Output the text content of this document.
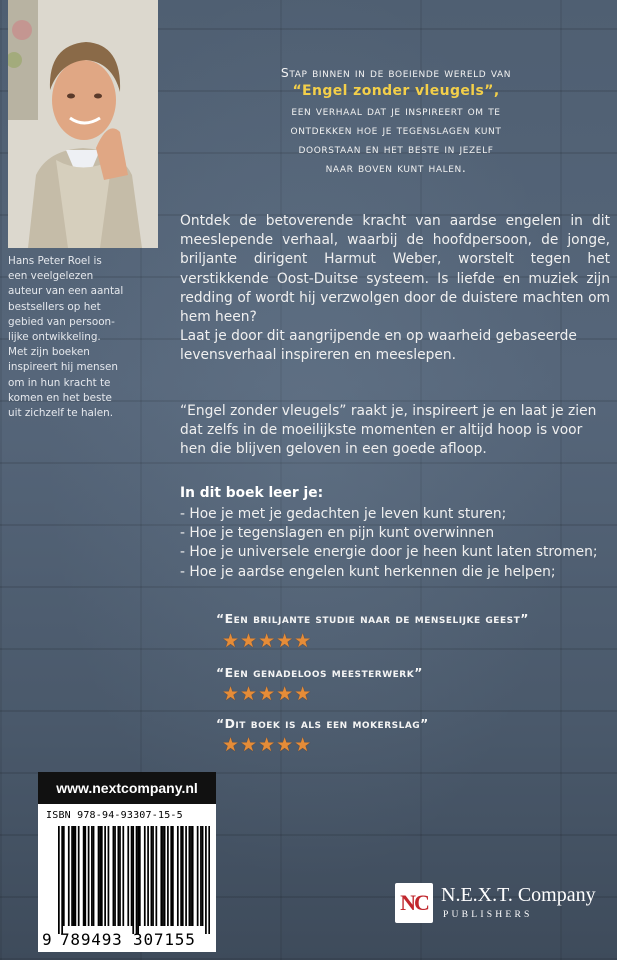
Hans Peter Roel is
een veelgelezen
auteur van een aantal
bestsellers op het
gebied van persoon-
lijke ontwikkeling.
Met zijn boeken
inspireert hij mensen
om in hun kracht te
komen en het beste
uit zichzelf te halen.
Stap binnen in de boeiende wereld van
“Engel zonder vleugels”,
een verhaal dat je inspireert om te
ontdekken hoe je tegenslagen kunt
doorstaan en het beste in jezelf
naar boven kunt halen.

Ontdek de betoverende kracht van aardse engelen in dit meeslepende verhaal, waarbij de hoofdpersoon, de jonge, briljante dirigent Harmut Weber, worstelt tegen het verstikkende Oost-Duitse systeem. Is liefde en muziek zijn redding of wordt hij verzwolgen door de duistere machten om hem heen?

Laat je door dit aangrijpende en op waarheid gebaseerde levensverhaal inspireren en meeslepen.

“Engel zonder vleugels” raakt je, inspireert je en laat je zien dat zelfs in de moeilijkste momenten er altijd hoop is voor hen die blijven geloven in een goede afloop.

In dit boek leer je:
- Hoe je met je gedachten je leven kunt sturen;
- Hoe je tegenslagen en pijn kunt overwinnen
- Hoe je universele energie door je heen kunt laten stromen;
- Hoe je aardse engelen kunt herkennen die je helpen;
“Een briljante studie naar de menselijke geest”
★★★★★
“Een genadeloos meesterwerk”
★★★★★
“Dit boek is als een mokerslag”
★★★★★
www.nextcompany.nl
ISBN 978-94-93307-15-5
9 789493 307155
NC N.E.X.T. Company
PUBLISHERS
